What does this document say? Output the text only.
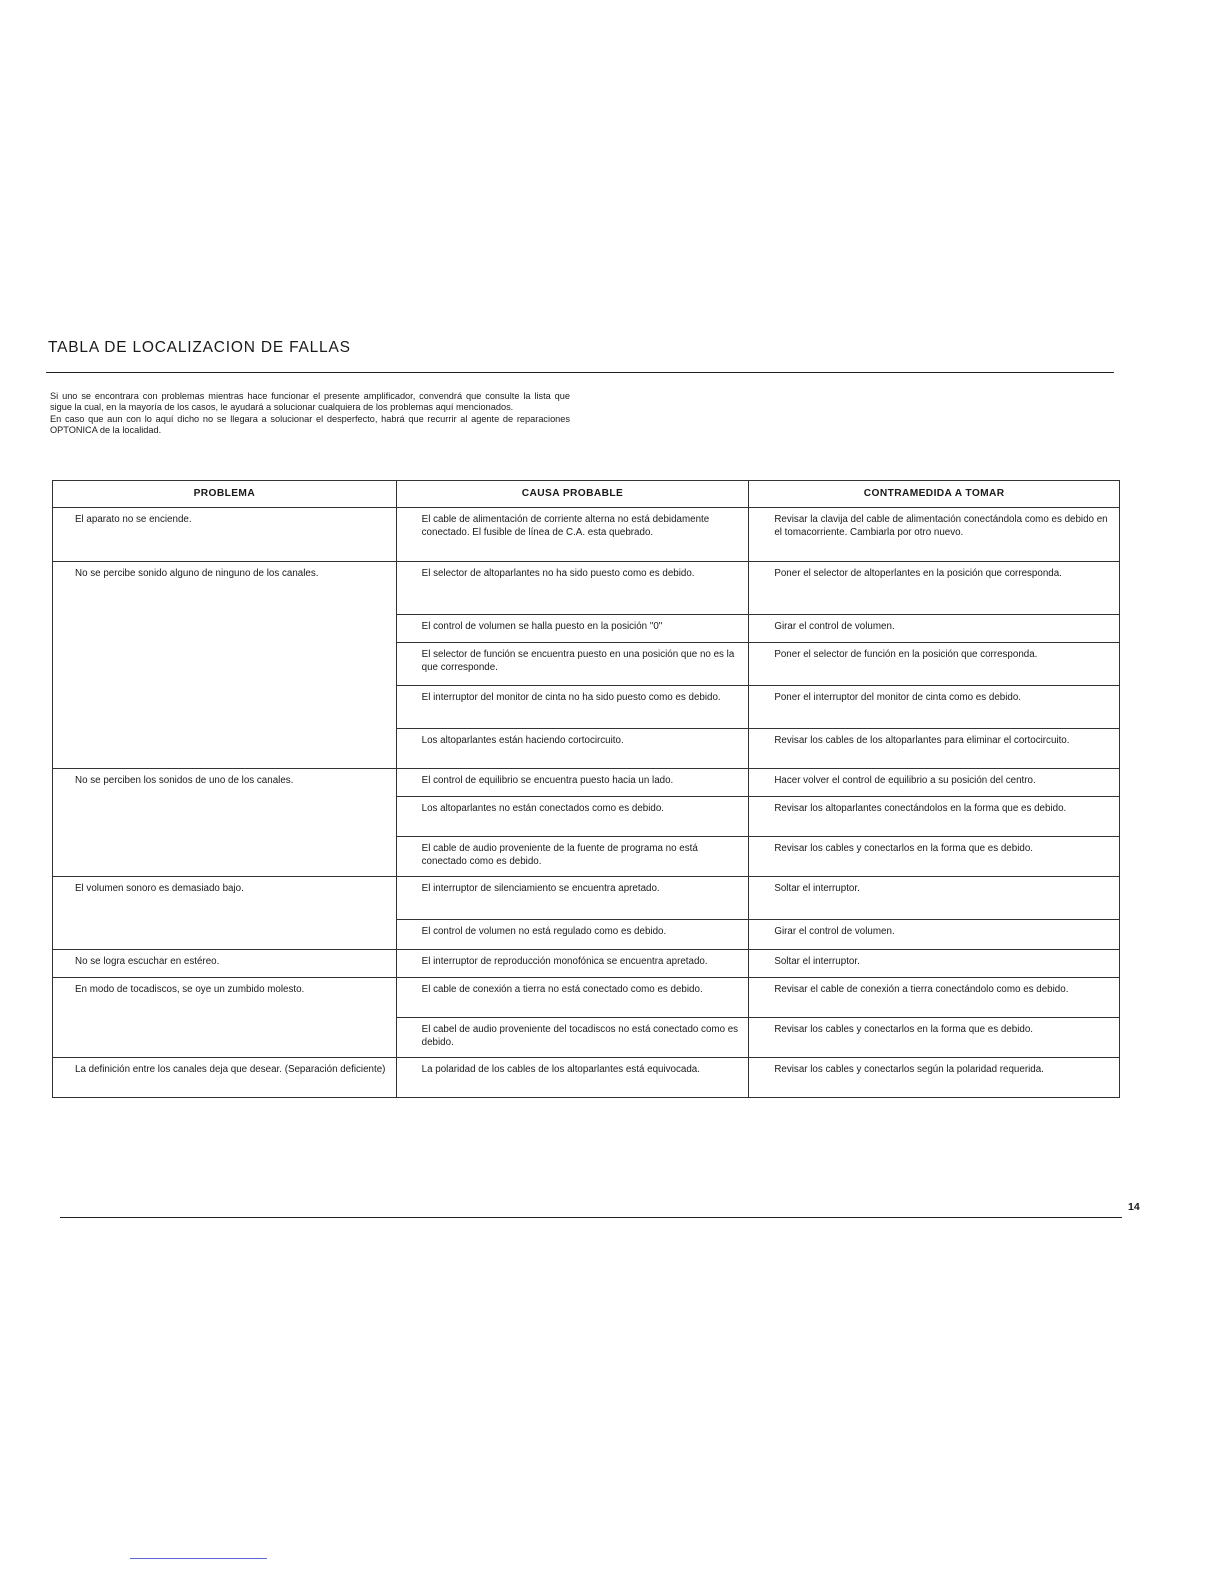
TABLA DE LOCALIZACION DE FALLAS

Si uno se encontrara con problemas mientras hace funcionar el presente amplificador, convendrá que consulte la lista que sigue la cual, en la mayoría de los casos, le ayudará a solucionar cualquiera de los problemas aquí mencionados.

En caso que aun con lo aquí dicho no se llegara a solucionar el desperfecto, habrá que recurrir al agente de reparaciones OPTONICA de la localidad.

PROBLEMA	CAUSA PROBABLE	CONTRAMEDIDA A TOMAR
El aparato no se enciende.	El cable de alimentación de corriente alterna no está debidamente conectado. El fusible de línea de C.A. esta quebrado.	Revisar la clavija del cable de alimentación conectándola como es debido en el tomacorriente. Cambiarla por otro nuevo.
No se percibe sonido alguno de ninguno de los canales.	El selector de altoparlantes no ha sido puesto como es debido.	Poner el selector de altoperlantes en la posición que corresponda.
	El control de volumen se halla puesto en la posición "0"	Girar el control de volumen.
	El selector de función se encuentra puesto en una posición que no es la que corresponde.	Poner el selector de función en la posición que corresponda.
	El interruptor del monitor de cinta no ha sido puesto como es debido.	Poner el interruptor del monitor de cinta como es debido.
	Los altoparlantes están haciendo cortocircuito.	Revisar los cables de los altoparlantes para eliminar el cortocircuito.
No se perciben los sonidos de uno de los canales.	El control de equilibrio se encuentra puesto hacia un lado.	Hacer volver el control de equilibrio a su posición del centro.
	Los altoparlantes no están conectados como es debido.	Revisar los altoparlantes conectándolos en la forma que es debido.
	El cable de audio proveniente de la fuente de programa no está conectado como es debido.	Revisar los cables y conectarlos en la forma que es debido.
El volumen sonoro es demasiado bajo.	El interruptor de silenciamiento se encuentra apretado.	Soltar el interruptor.
	El control de volumen no está regulado como es debido.	Girar el control de volumen.
No se logra escuchar en estéreo.	El interruptor de reproducción monofónica se encuentra apretado.	Soltar el interruptor.
En modo de tocadiscos, se oye un zumbido molesto.	El cable de conexión a tierra no está conectado como es debido.	Revisar el cable de conexión a tierra conectándolo como es debido.
	El cabel de audio proveniente del tocadiscos no está conectado como es debido.	Revisar los cables y conectarlos en la forma que es debido.
La definición entre los canales deja que desear. (Separación deficiente)	La polaridad de los cables de los altoparlantes está equivocada.	Revisar los cables y conectarlos según la polaridad requerida.
14
